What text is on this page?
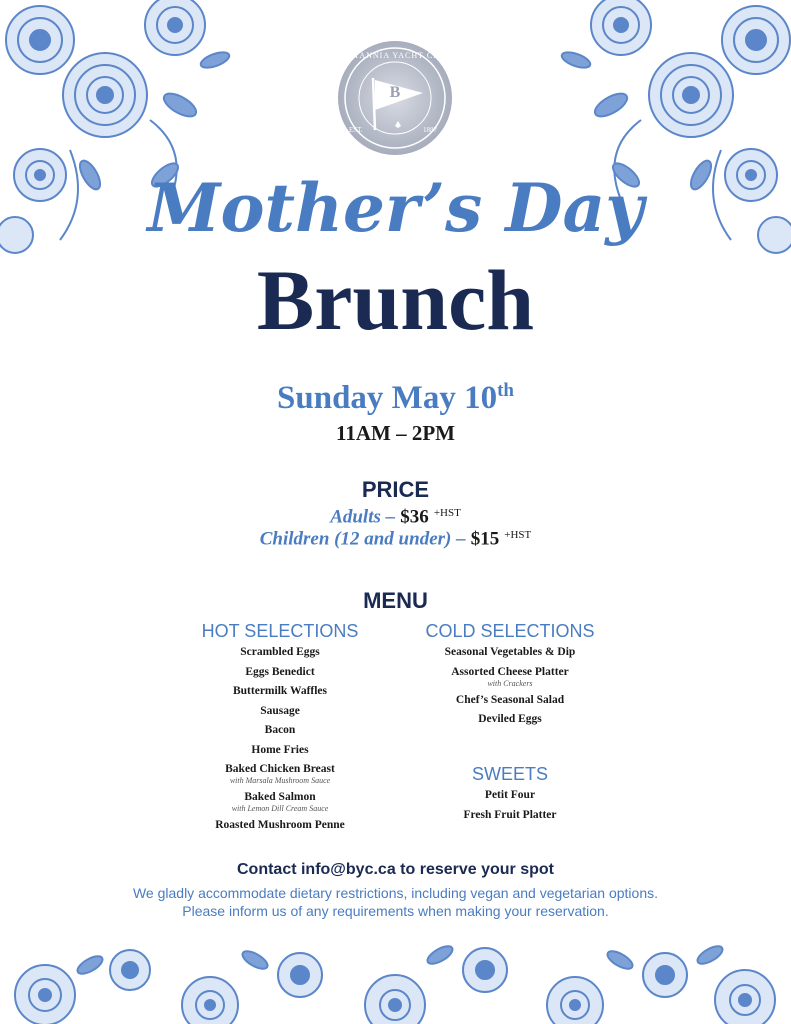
BRITANNIA YACHT CLUB
B
EST.	1887
Mother’s Day
Brunch
Sunday May 10th
11AM – 2PM
PRICE
Adults – $36 $^{+HST}$
Children (12 and under) – $15 $^{+HST}$
MENU
HOT SELECTIONS
Scrambled Eggs
Eggs Benedict
Buttermilk Waffles
Sausage
Bacon
Home Fries
Baked Chicken Breast
with Marsala Mushroom Sauce
Baked Salmon
with Lemon Dill Cream Sauce
Roasted Mushroom Penne
COLD SELECTIONS
Seasonal Vegetables & Dip
Assorted Cheese Platter
with Crackers
Chef’s Seasonal Salad
Deviled Eggs
SWEETS
Petit Four
Fresh Fruit Platter
Contact info@byc.ca to reserve your spot
We gladly accommodate dietary restrictions, including vegan and vegetarian options.
Please inform us of any requirements when making your reservation.
